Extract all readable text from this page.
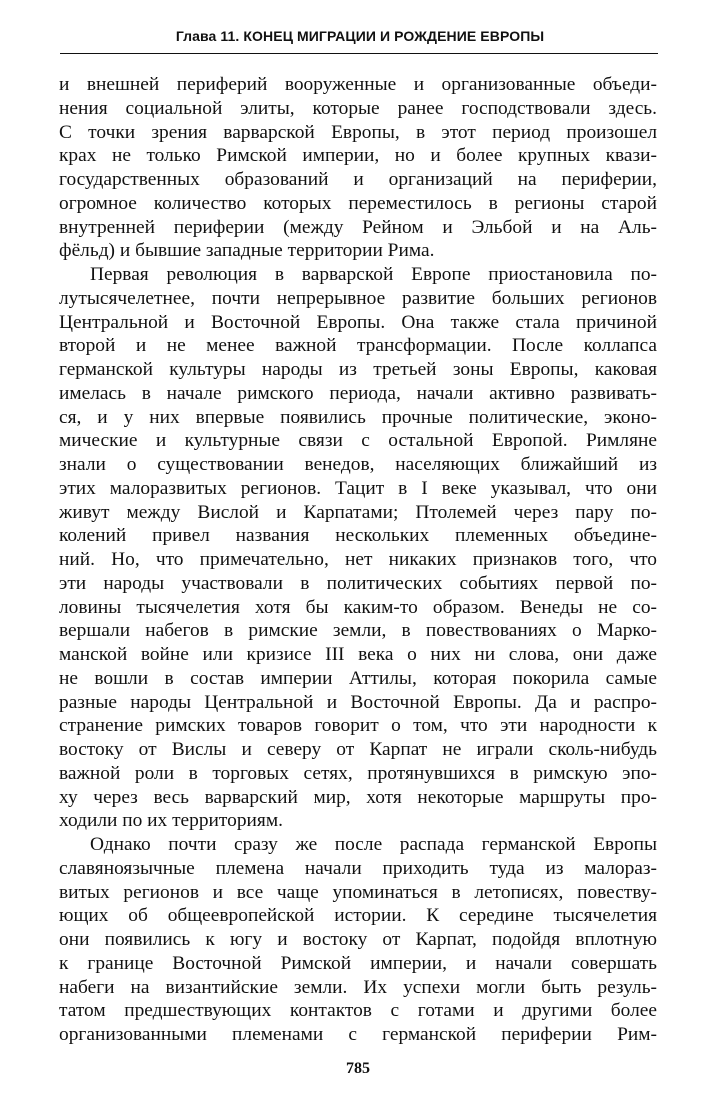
Глава 11. КОНЕЦ МИГРАЦИИ И РОЖДЕНИЕ ЕВРОПЫ
и внешней периферий вооруженные и организованные объеди-
нения социальной элиты, которые ранее господствовали здесь.
С точки зрения варварской Европы, в этот период произошел
крах не только Римской империи, но и более крупных квази-
государственных образований и организаций на периферии,
огромное количество которых переместилось в регионы старой
внутренней периферии (между Рейном и Эльбой и на Аль-
фёльд) и бывшие западные территории Рима.
Первая революция в варварской Европе приостановила по-
лутысячелетнее, почти непрерывное развитие больших регионов
Центральной и Восточной Европы. Она также стала причиной
второй и не менее важной трансформации. После коллапса
германской культуры народы из третьей зоны Европы, каковая
имелась в начале римского периода, начали активно развивать-
ся, и у них впервые появились прочные политические, эконо-
мические и культурные связи с остальной Европой. Римляне
знали о существовании венедов, населяющих ближайший из
этих малоразвитых регионов. Тацит в I веке указывал, что они
живут между Вислой и Карпатами; Птолемей через пару по-
колений привел названия нескольких племенных объедине-
ний. Но, что примечательно, нет никаких признаков того, что
эти народы участвовали в политических событиях первой по-
ловины тысячелетия хотя бы каким-то образом. Венеды не со-
вершали набегов в римские земли, в повествованиях о Марко-
манской войне или кризисе III века о них ни слова, они даже
не вошли в состав империи Аттилы, которая покорила самые
разные народы Центральной и Восточной Европы. Да и распро-
странение римских товаров говорит о том, что эти народности к
востоку от Вислы и северу от Карпат не играли сколь-нибудь
важной роли в торговых сетях, протянувшихся в римскую эпо-
ху через весь варварский мир, хотя некоторые маршруты про-
ходили по их территориям.
Однако почти сразу же после распада германской Европы
славяноязычные племена начали приходить туда из малораз-
витых регионов и все чаще упоминаться в летописях, повеству-
ющих об общеевропейской истории. К середине тысячелетия
они появились к югу и востоку от Карпат, подойдя вплотную
к границе Восточной Римской империи, и начали совершать
набеги на византийские земли. Их успехи могли быть резуль-
татом предшествующих контактов с готами и другими более
организованными племенами с германской периферии Рим-
785
